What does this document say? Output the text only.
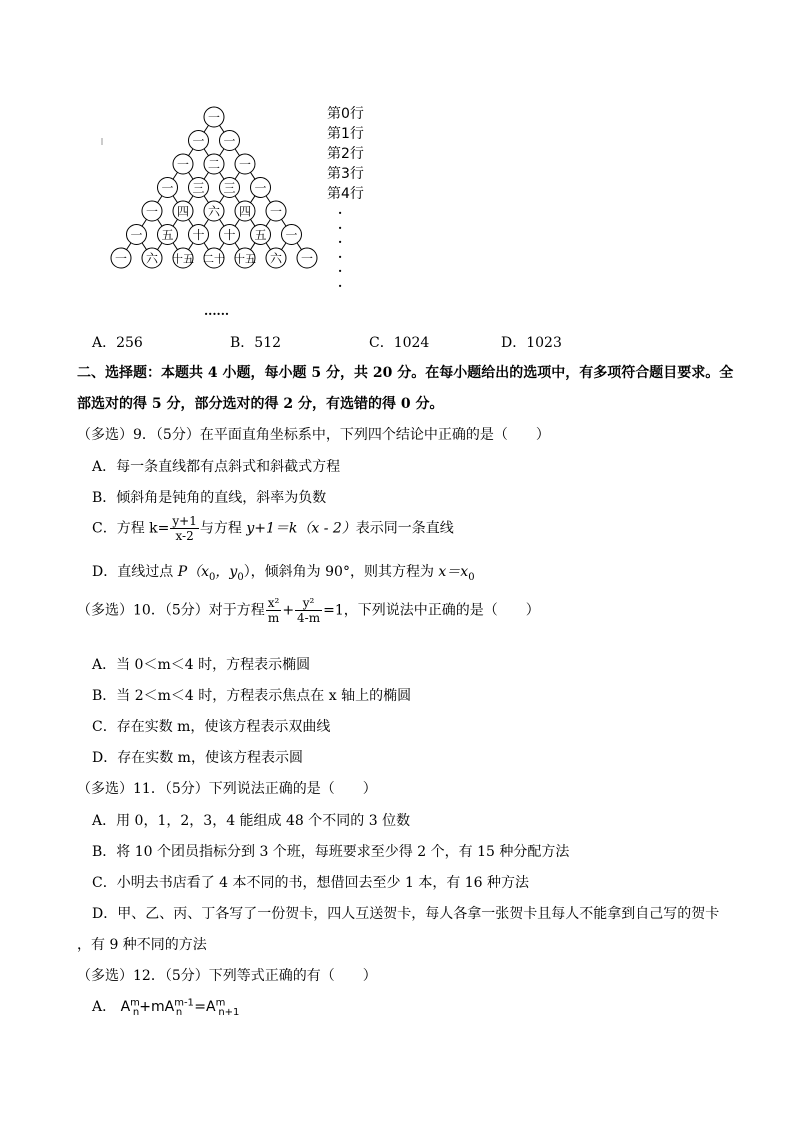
一
一 一
一 二 一
一 三 三 一
一 四 六 四 一
一 五 十 十 五 一
一 六 十五 二十 十五 六 一
第0行
第1行
第2行
第3行
第4行
.
.
.
.
.
.
......
A．256	B．512	C．1024	D．1023
二、选择题：本题共 4 小题，每小题 5 分，共 20 分。在每小题给出的选项中，有多项符合题目要求。全
部选对的得 5 分，部分选对的得 2 分，有选错的得 0 分。
（多选）9．（5分）在平面直角坐标系中，下列四个结论中正确的是（　　）
A．每一条直线都有点斜式和斜截式方程
B．倾斜角是钝角的直线，斜率为负数
C．方程 $k= \frac{y+1}{x-2}$ 与方程 y+1＝k（x - 2）表示同一条直线
D．直线过点 $P(x_0$，$y_0$），倾斜角为 90°，则其方程为 $x=x_0$
（多选）10．（5分）对于方程 $\frac{\text{x²}}{m} + \frac{\text{y²}}{4-m} =1$，下列说法中正确的是（　　）
A．当 0＜m＜4 时，方程表示椭圆
B．当 2＜m＜4 时，方程表示焦点在 x 轴上的椭圆
C．存在实数 m，使该方程表示双曲线
D．存在实数 m，使该方程表示圆
（多选）11．（5分）下列说法正确的是（　　）
A．用 0，1，2，3，4 能组成 48 个不同的 3 位数
B．将 10 个团员指标分到 3 个班，每班要求至少得 2 个，有 15 种分配方法
C．小明去书店看了 4 本不同的书，想借回去至少 1 本，有 16 种方法
D．甲、乙、丙、丁各写了一份贺卡，四人互送贺卡，每人各拿一张贺卡且每人不能拿到自己写的贺卡
，有 9 种不同的方法
（多选）12．（5分）下列等式正确的有（　　）
A． $A^m_n+mA^{m-1}_n =A^m_{n+1}$
